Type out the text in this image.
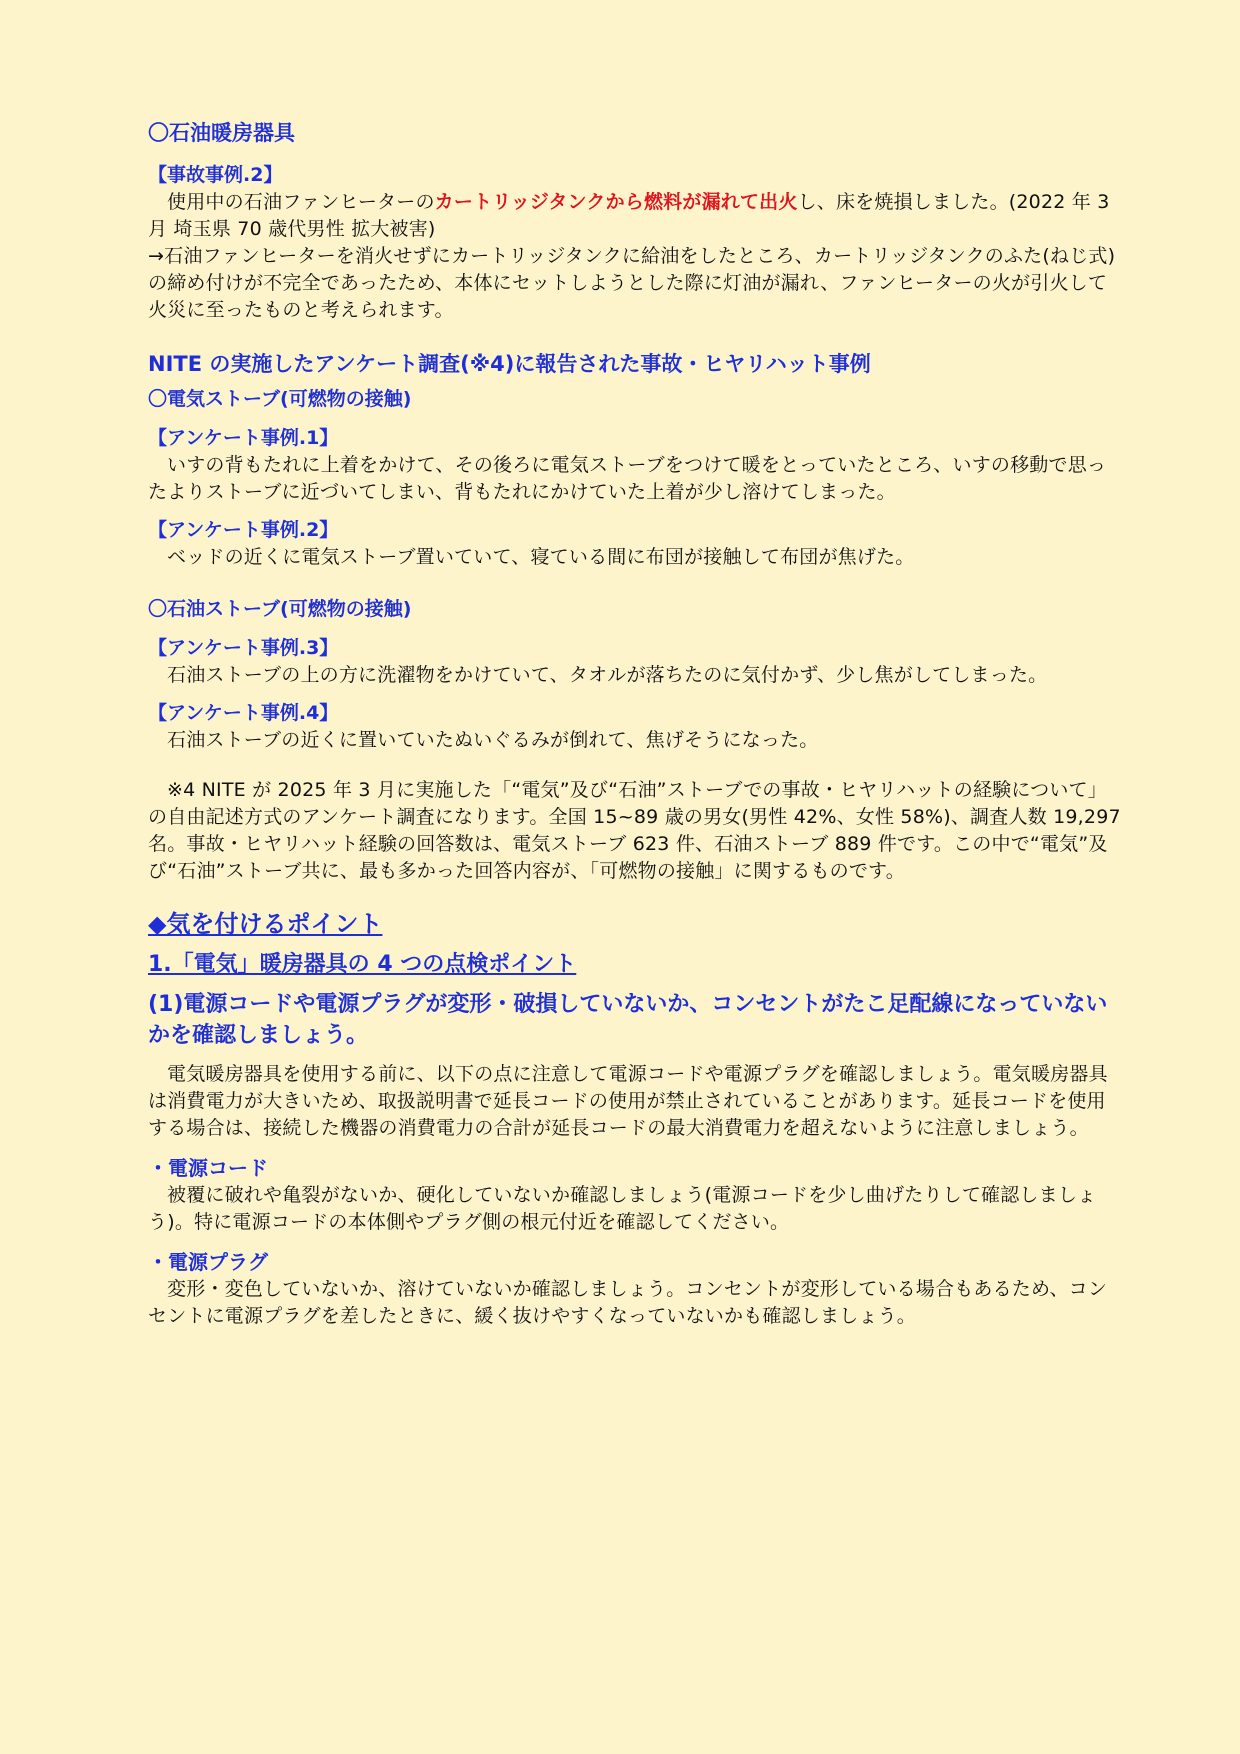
〇石油暖房器具

【事故事例.2】

使用中の石油ファンヒーターのカートリッジタンクから燃料が漏れて出火し、床を焼損しました。(2022 年 3 月 埼玉県 70 歳代男性 拡大被害)

→石油ファンヒーターを消火せずにカートリッジタンクに給油をしたところ、カートリッジタンクのふた(ねじ式)の締め付けが不完全であったため、本体にセットしようとした際に灯油が漏れ、ファンヒーターの火が引火して火災に至ったものと考えられます。

NITE の実施したアンケート調査(※4)に報告された事故・ヒヤリハット事例

〇電気ストーブ(可燃物の接触)

【アンケート事例.1】

いすの背もたれに上着をかけて、その後ろに電気ストーブをつけて暖をとっていたところ、いすの移動で思ったよりストーブに近づいてしまい、背もたれにかけていた上着が少し溶けてしまった。

【アンケート事例.2】

ベッドの近くに電気ストーブ置いていて、寝ている間に布団が接触して布団が焦げた。

〇石油ストーブ(可燃物の接触)

【アンケート事例.3】

石油ストーブの上の方に洗濯物をかけていて、タオルが落ちたのに気付かず、少し焦がしてしまった。

【アンケート事例.4】

石油ストーブの近くに置いていたぬいぐるみが倒れて、焦げそうになった。

※4 NITE が 2025 年 3 月に実施した「“電気”及び“石油”ストーブでの事故・ヒヤリハットの経験について」の自由記述方式のアンケート調査になります。全国 15~89 歳の男女(男性 42%、女性 58%)、調査人数 19,297 名。事故・ヒヤリハット経験の回答数は、電気ストーブ 623 件、石油ストーブ 889 件です。この中で“電気”及び“石油”ストーブ共に、最も多かった回答内容が、「可燃物の接触」に関するものです。

◆気を付けるポイント

1.「電気」暖房器具の 4 つの点検ポイント

(1)電源コードや電源プラグが変形・破損していないか、コンセントがたこ足配線になっていないかを確認しましょう。

電気暖房器具を使用する前に、以下の点に注意して電源コードや電源プラグを確認しましょう。電気暖房器具は消費電力が大きいため、取扱説明書で延長コードの使用が禁止されていることがあります。延長コードを使用する場合は、接続した機器の消費電力の合計が延長コードの最大消費電力を超えないように注意しましょう。

・電源コード

被覆に破れや亀裂がないか、硬化していないか確認しましょう(電源コードを少し曲げたりして確認しましょう)。特に電源コードの本体側やプラグ側の根元付近を確認してください。

・電源プラグ

変形・変色していないか、溶けていないか確認しましょう。コンセントが変形している場合もあるため、コンセントに電源プラグを差したときに、緩く抜けやすくなっていないかも確認しましょう。
